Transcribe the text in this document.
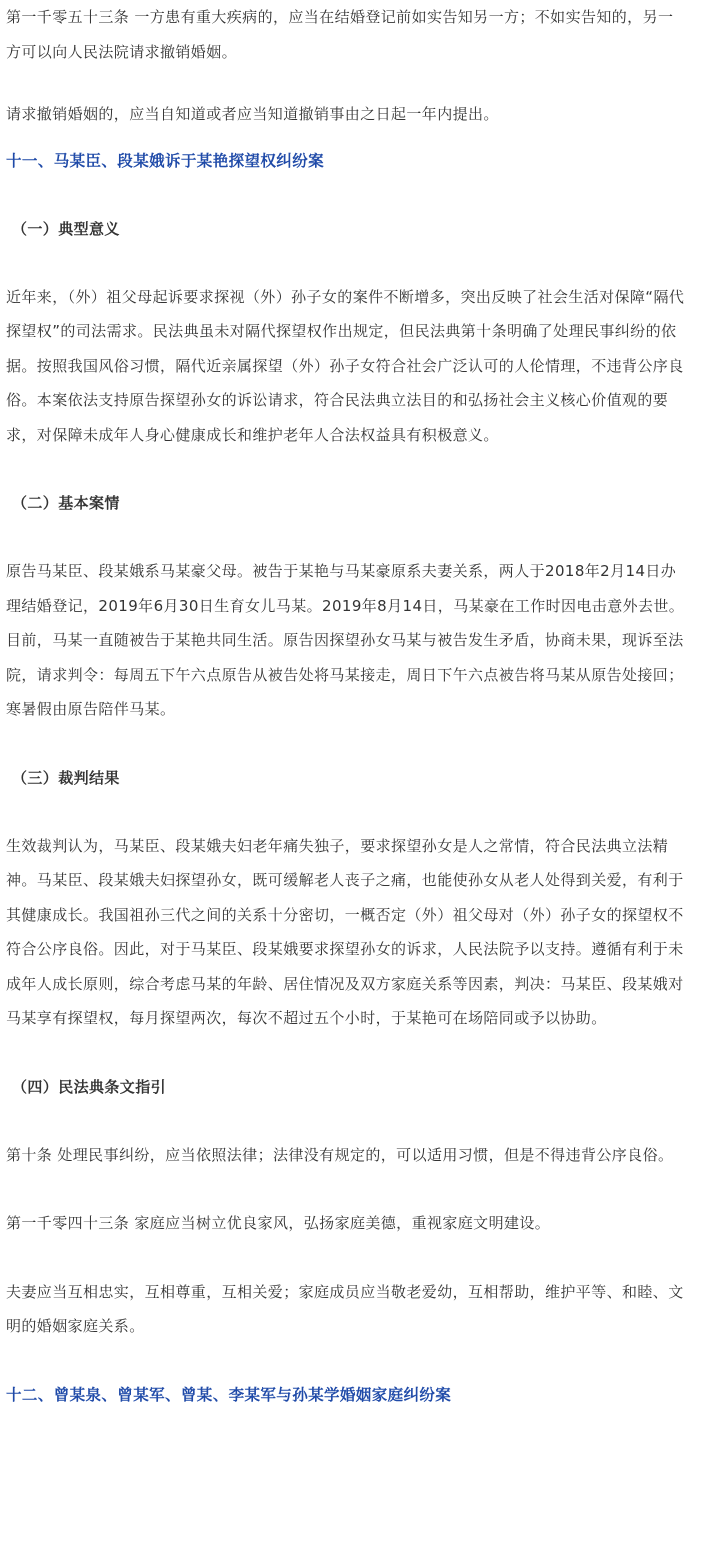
第一千零五十三条 一方患有重大疾病的，应当在结婚登记前如实告知另一方；不如实告知的，另一方可以向人民法院请求撤销婚姻。

请求撤销婚姻的，应当自知道或者应当知道撤销事由之日起一年内提出。

十一、马某臣、段某娥诉于某艳探望权纠纷案
（一）典型意义

近年来，（外）祖父母起诉要求探视（外）孙子女的案件不断增多，突出反映了社会生活对保障“隔代探望权”的司法需求。民法典虽未对隔代探望权作出规定，但民法典第十条明确了处理民事纠纷的依据。按照我国风俗习惯，隔代近亲属探望（外）孙子女符合社会广泛认可的人伦情理，不违背公序良俗。本案依法支持原告探望孙女的诉讼请求，符合民法典立法目的和弘扬社会主义核心价值观的要求，对保障未成年人身心健康成长和维护老年人合法权益具有积极意义。

（二）基本案情

原告马某臣、段某娥系马某豪父母。被告于某艳与马某豪原系夫妻关系，两人于2018年2月14日办理结婚登记，2019年6月30日生育女儿马某。2019年8月14日，马某豪在工作时因电击意外去世。目前，马某一直随被告于某艳共同生活。原告因探望孙女马某与被告发生矛盾，协商未果，现诉至法院，请求判令：每周五下午六点原告从被告处将马某接走，周日下午六点被告将马某从原告处接回；寒暑假由原告陪伴马某。

（三）裁判结果

生效裁判认为，马某臣、段某娥夫妇老年痛失独子，要求探望孙女是人之常情，符合民法典立法精神。马某臣、段某娥夫妇探望孙女，既可缓解老人丧子之痛，也能使孙女从老人处得到关爱，有利于其健康成长。我国祖孙三代之间的关系十分密切，一概否定（外）祖父母对（外）孙子女的探望权不符合公序良俗。因此，对于马某臣、段某娥要求探望孙女的诉求，人民法院予以支持。遵循有利于未成年人成长原则，综合考虑马某的年龄、居住情况及双方家庭关系等因素，判决：马某臣、段某娥对马某享有探望权，每月探望两次，每次不超过五个小时，于某艳可在场陪同或予以协助。

（四）民法典条文指引

第十条 处理民事纠纷，应当依照法律；法律没有规定的，可以适用习惯，但是不得违背公序良俗。

第一千零四十三条 家庭应当树立优良家风，弘扬家庭美德，重视家庭文明建设。

夫妻应当互相忠实，互相尊重，互相关爱；家庭成员应当敬老爱幼，互相帮助，维护平等、和睦、文明的婚姻家庭关系。

十二、曾某泉、曾某军、曾某、李某军与孙某学婚姻家庭纠纷案
